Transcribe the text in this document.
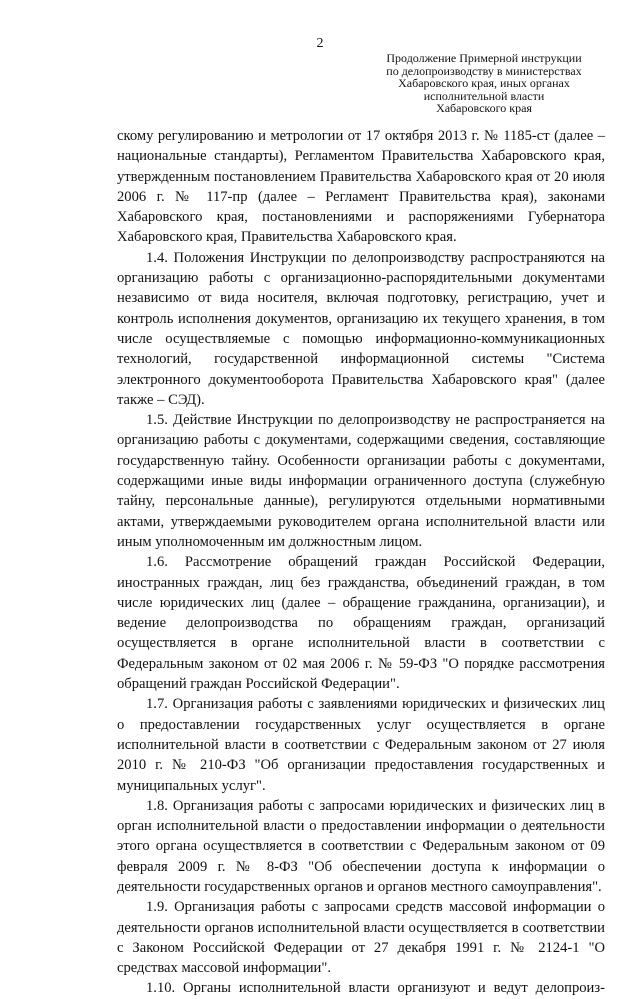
2
Продолжение Примерной инструкции
по делопроизводству в министерствах
Хабаровского края, иных органах
исполнительной власти
Хабаровского края

скому регулированию и метрологии от 17 октября 2013 г. № 1185-ст (далее – национальные стандарты), Регламентом Правительства Хабаровского края, утвержденным постановлением Правительства Хабаровского края от 20 июля 2006 г. № 117-пр (далее – Регламент Правительства края), законами Хабаровского края, постановлениями и распоряжениями Губернатора Хабаровского края, Правительства Хабаровского края.

1.4. Положения Инструкции по делопроизводству распространяются на организацию работы с организационно-распорядительными документами независимо от вида носителя, включая подготовку, регистрацию, учет и контроль исполнения документов, организацию их текущего хранения, в том числе осуществляемые с помощью информационно-коммуникационных технологий, государственной информационной системы "Система электронного документооборота Правительства Хабаровского края" (далее также – СЭД).

1.5. Действие Инструкции по делопроизводству не распространяется на организацию работы с документами, содержащими сведения, составляющие государственную тайну. Особенности организации работы с документами, содержащими иные виды информации ограниченного доступа (служебную тайну, персональные данные), регулируются отдельными нормативными актами, утверждаемыми руководителем органа исполнительной власти или иным уполномоченным им должностным лицом.

1.6. Рассмотрение обращений граждан Российской Федерации, иностранных граждан, лиц без гражданства, объединений граждан, в том числе юридических лиц (далее – обращение гражданина, организации), и ведение делопроизводства по обращениям граждан, организаций осуществляется в органе исполнительной власти в соответствии с Федеральным законом от 02 мая 2006 г. № 59-ФЗ "О порядке рассмотрения обращений граждан Российской Федерации".

1.7. Организация работы с заявлениями юридических и физических лиц о предоставлении государственных услуг осуществляется в органе исполнительной власти в соответствии с Федеральным законом от 27 июля 2010 г. № 210-ФЗ "Об организации предоставления государственных и муниципальных услуг".

1.8. Организация работы с запросами юридических и физических лиц в орган исполнительной власти о предоставлении информации о деятельности этого органа осуществляется в соответствии с Федеральным законом от 09 февраля 2009 г. № 8-ФЗ "Об обеспечении доступа к информации о деятельности государственных органов и органов местного самоуправления".

1.9. Организация работы с запросами средств массовой информации о деятельности органов исполнительной власти осуществляется в соответствии с Законом Российской Федерации от 27 декабря 1991 г. № 2124-1 "О средствах массовой информации".

1.10. Органы исполнительной власти организуют и ведут делопроиз-
